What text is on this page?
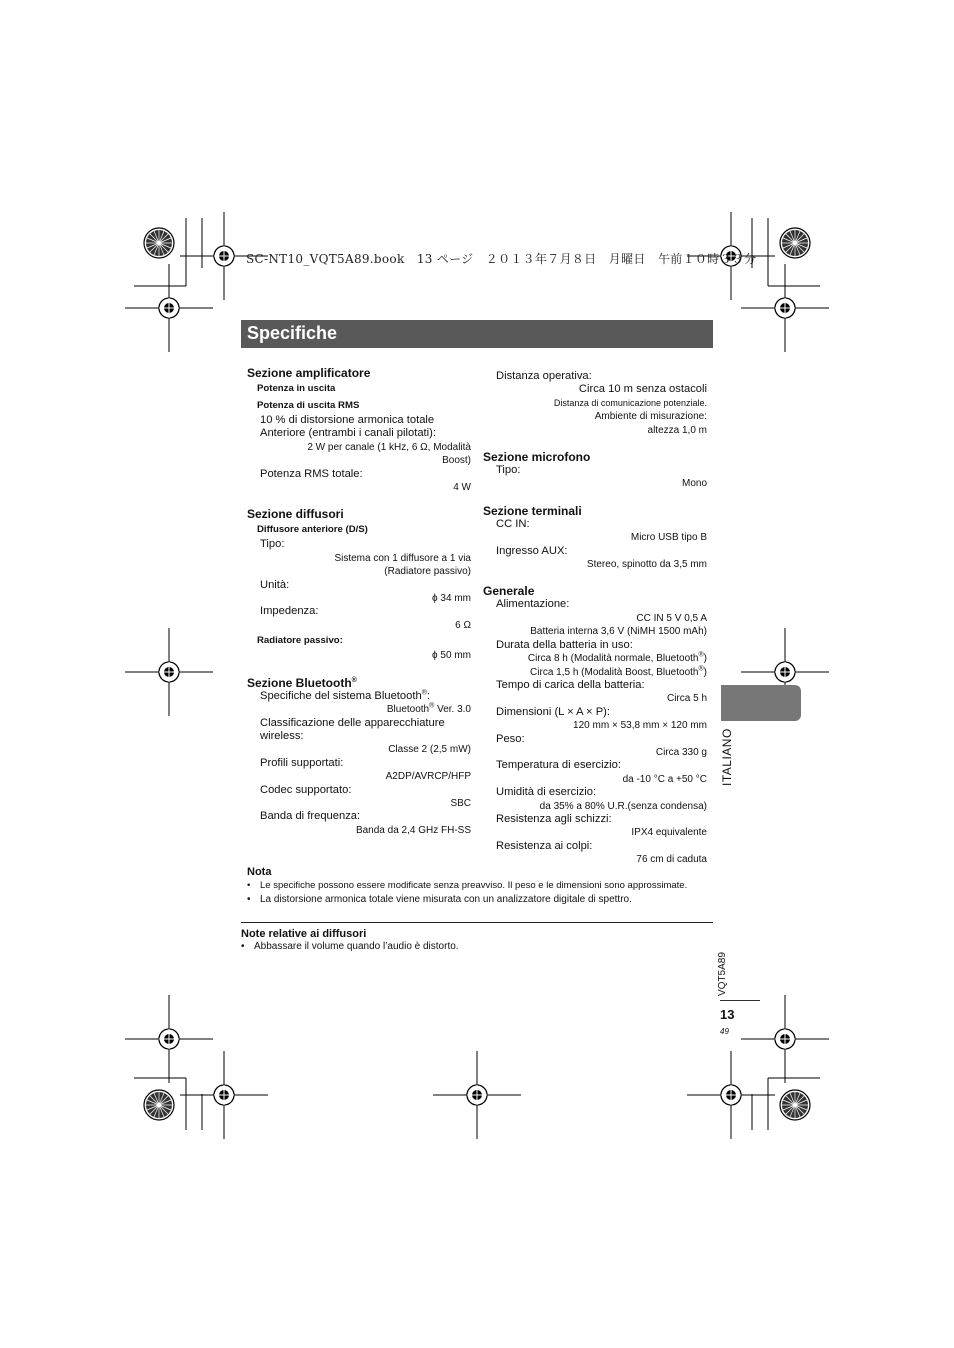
SC-NT10_VQT5A89.book　13 ページ　２０１３年７月８日　月曜日　午前１０時３３分
Specifiche
Sezione amplificatore
Potenza in uscita
Potenza di uscita RMS
10 % di distorsione armonica totale
Anteriore (entrambi i canali pilotati):
2 W per canale (1 kHz, 6 Ω, Modalità
Boost)
Potenza RMS totale:
4 W
Sezione diffusori
Diffusore anteriore (D/S)
Tipo:
Sistema con 1 diffusore a 1 via
(Radiatore passivo)
Unità:
ϕ 34 mm
Impedenza:
6 Ω
Radiatore passivo:
ϕ 50 mm
Sezione Bluetooth®
Specifiche del sistema Bluetooth®:
Bluetooth® Ver. 3.0
Classificazione delle apparecchiature
wireless:
Classe 2 (2,5 mW)
Profili supportati:
A2DP/AVRCP/HFP
Codec supportato:
SBC
Banda di frequenza:
Banda da 2,4 GHz FH-SS
Distanza operativa:
Circa 10 m senza ostacoli
Distanza di comunicazione potenziale.
Ambiente di misurazione:
altezza 1,0 m
Sezione microfono
Tipo:
Mono
Sezione terminali
CC IN:
Micro USB tipo B
Ingresso AUX:
Stereo, spinotto da 3,5 mm
Generale
Alimentazione:
CC IN 5 V 0,5 A
Batteria interna 3,6 V (NiMH 1500 mAh)
Durata della batteria in uso:
Circa 8 h (Modalità normale, Bluetooth®)
Circa 1,5 h (Modalità Boost, Bluetooth®)
Tempo di carica della batteria:
Circa 5 h
Dimensioni (L × A × P):
120 mm × 53,8 mm × 120 mm
Peso:
Circa 330 g
Temperatura di esercizio:
da -10 °C a +50 °C
Umidità di esercizio:
da 35% a 80% U.R.(senza condensa)
Resistenza agli schizzi:
IPX4 equivalente
Resistenza ai colpi:
76 cm di caduta
Nota
• Le specifiche possono essere modificate senza preavviso. Il peso e le dimensioni sono approssimate.
• La distorsione armonica totale viene misurata con un analizzatore digitale di spettro.
Note relative ai diffusori
• Abbassare il volume quando l’audio è distorto.
ITALIANO
VQT5A89
13
49
